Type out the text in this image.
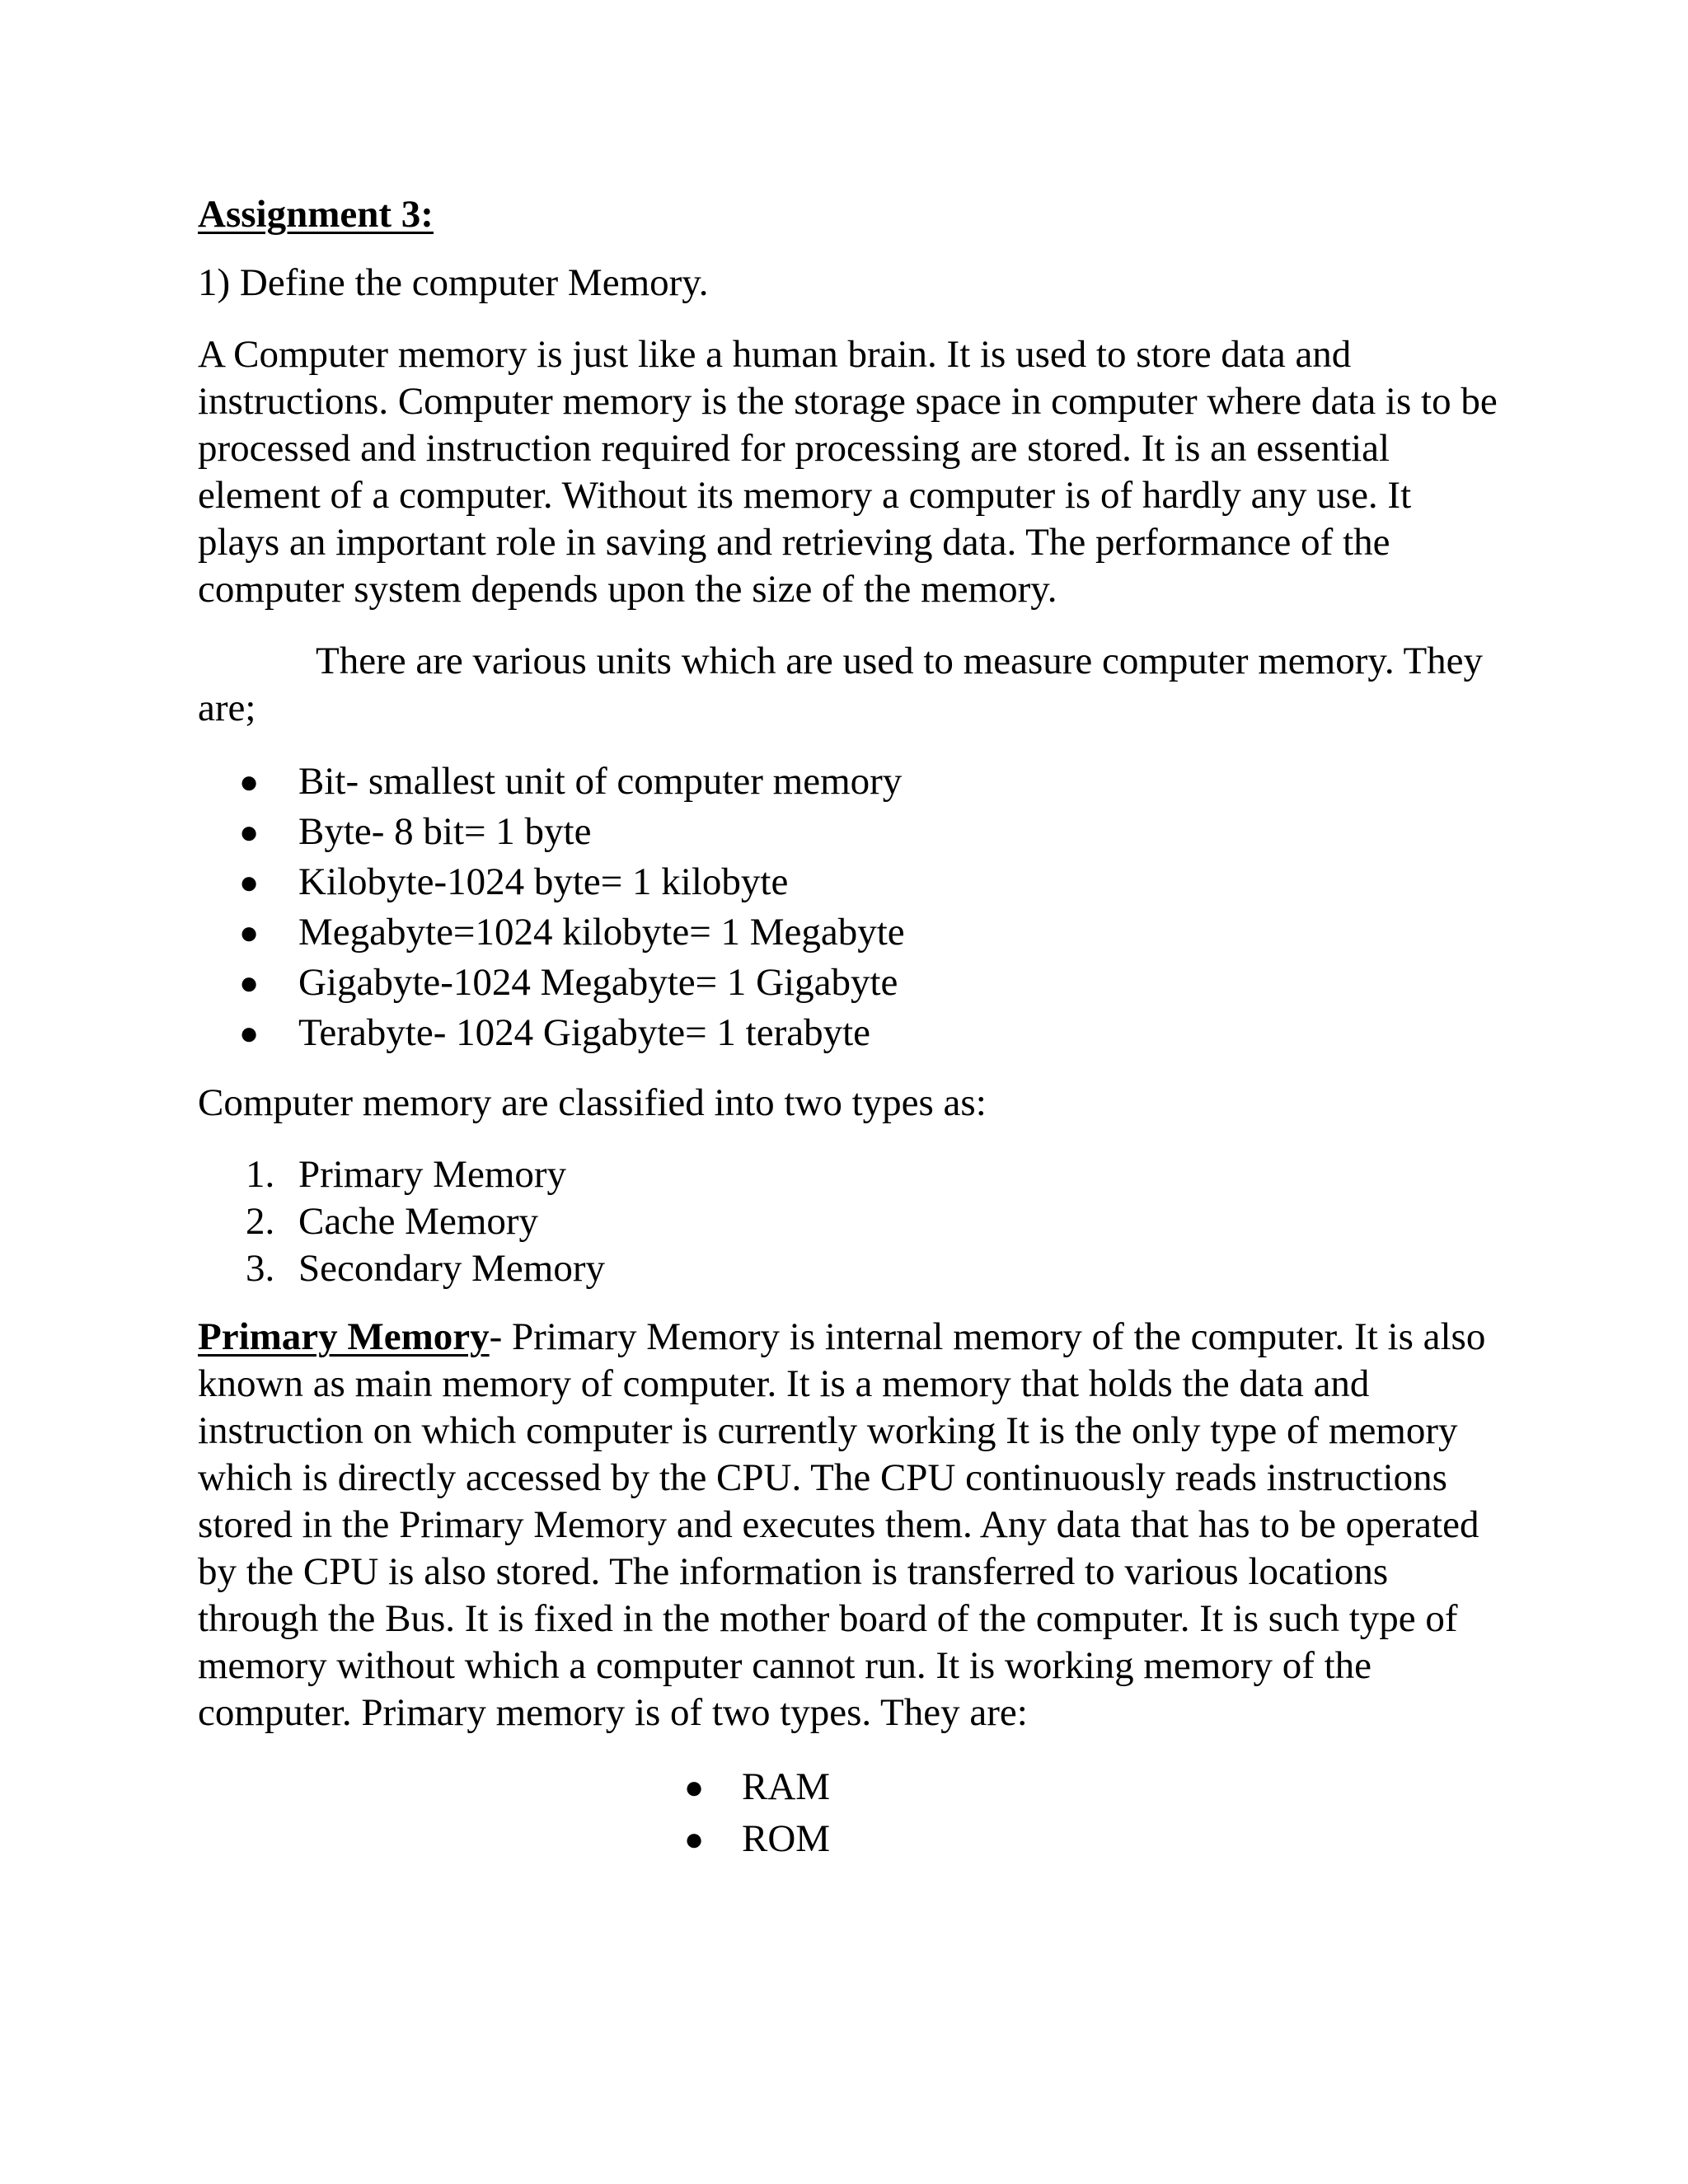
Assignment 3:
1) Define the computer Memory.
A Computer memory is just like a human brain. It is used to store data and instructions. Computer memory is the storage space in computer where data is to be processed and instruction required for processing are stored. It is an essential element of a computer. Without its memory a computer is of hardly any use. It plays an important role in saving and retrieving data. The performance of the computer system depends upon the size of the memory.
There are various units which are used to measure computer memory. They are;
● Bit- smallest unit of computer memory
● Byte- 8 bit= 1 byte
● Kilobyte-1024 byte= 1 kilobyte
● Megabyte=1024 kilobyte= 1 Megabyte
● Gigabyte-1024 Megabyte= 1 Gigabyte
● Terabyte- 1024 Gigabyte= 1 terabyte
Computer memory are classified into two types as:
1. Primary Memory
2. Cache Memory
3. Secondary Memory
Primary Memory- Primary Memory is internal memory of the computer. It is also known as main memory of computer. It is a memory that holds the data and instruction on which computer is currently working It is the only type of memory which is directly accessed by the CPU. The CPU continuously reads instructions stored in the Primary Memory and executes them. Any data that has to be operated by the CPU is also stored. The information is transferred to various locations through the Bus. It is fixed in the mother board of the computer. It is such type of memory without which a computer cannot run. It is working memory of the computer. Primary memory is of two types. They are:
● RAM
● ROM
